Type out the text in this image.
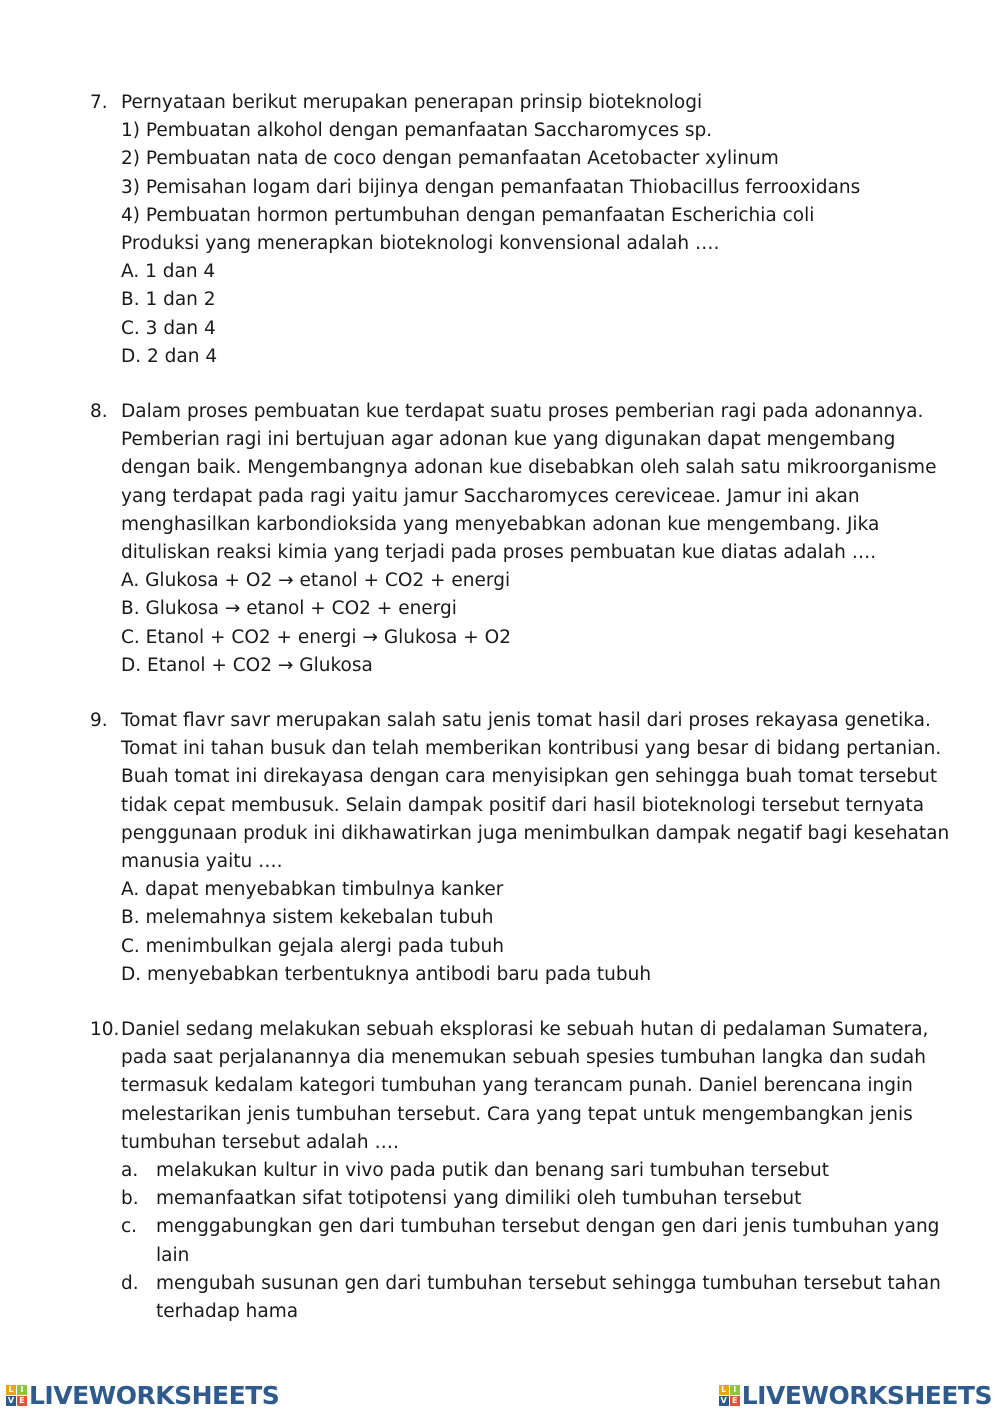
7. Pernyataan berikut merupakan penerapan prinsip bioteknologi
1) Pembuatan alkohol dengan pemanfaatan Saccharomyces sp.
2) Pembuatan nata de coco dengan pemanfaatan Acetobacter xylinum
3) Pemisahan logam dari bijinya dengan pemanfaatan Thiobacillus ferrooxidans
4) Pembuatan hormon pertumbuhan dengan pemanfaatan Escherichia coli
Produksi yang menerapkan bioteknologi konvensional adalah ….
A. 1 dan 4
B. 1 dan 2
C. 3 dan 4
D. 2 dan 4
8. Dalam proses pembuatan kue terdapat suatu proses pemberian ragi pada adonannya. Pemberian ragi ini bertujuan agar adonan kue yang digunakan dapat mengembang dengan baik. Mengembangnya adonan kue disebabkan oleh salah satu mikroorganisme yang terdapat pada ragi yaitu jamur Saccharomyces cereviceae. Jamur ini akan menghasilkan karbondioksida yang menyebabkan adonan kue mengembang. Jika dituliskan reaksi kimia yang terjadi pada proses pembuatan kue diatas adalah ….
A. Glukosa + O2 → etanol + CO2 + energi
B. Glukosa → etanol + CO2 + energi
C. Etanol + CO2 + energi → Glukosa + O2
D. Etanol + CO2 → Glukosa
9. Tomat flavr savr merupakan salah satu jenis tomat hasil dari proses rekayasa genetika. Tomat ini tahan busuk dan telah memberikan kontribusi yang besar di bidang pertanian. Buah tomat ini direkayasa dengan cara menyisipkan gen sehingga buah tomat tersebut tidak cepat membusuk. Selain dampak positif dari hasil bioteknologi tersebut ternyata penggunaan produk ini dikhawatirkan juga menimbulkan dampak negatif bagi kesehatan manusia yaitu ….
A. dapat menyebabkan timbulnya kanker
B. melemahnya sistem kekebalan tubuh
C. menimbulkan gejala alergi pada tubuh
D. menyebabkan terbentuknya antibodi baru pada tubuh
10. Daniel sedang melakukan sebuah eksplorasi ke sebuah hutan di pedalaman Sumatera, pada saat perjalanannya dia menemukan sebuah spesies tumbuhan langka dan sudah termasuk kedalam kategori tumbuhan yang terancam punah. Daniel berencana ingin melestarikan jenis tumbuhan tersebut. Cara yang tepat untuk mengembangkan jenis tumbuhan tersebut adalah ….
a. melakukan kultur in vivo pada putik dan benang sari tumbuhan tersebut
b. memanfaatkan sifat totipotensi yang dimiliki oleh tumbuhan tersebut
c. menggabungkan gen dari tumbuhan tersebut dengan gen dari jenis tumbuhan yang lain
d. mengubah susunan gen dari tumbuhan tersebut sehingga tumbuhan tersebut tahan terhadap hama
L I
V E LIVEWORKSHEETS	L I
V E LIVEWORKSHEETS
